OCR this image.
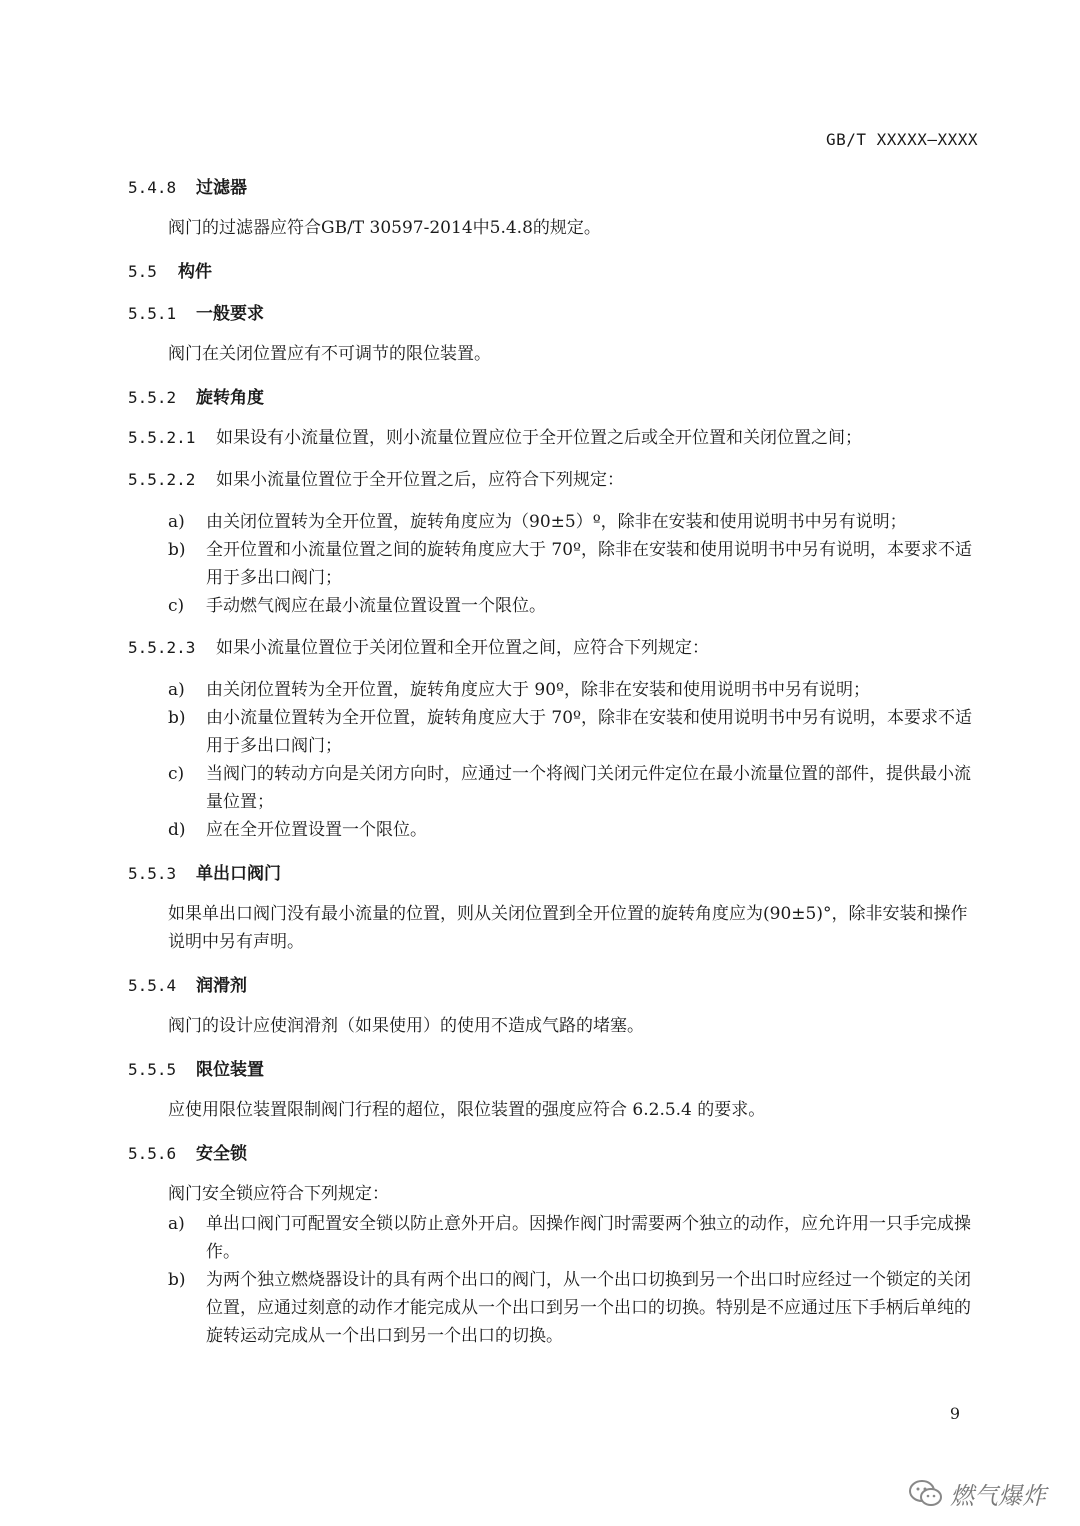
GB/T XXXXX—XXXX
5.4.8 过滤器

阀门的过滤器应符合GB/T 30597-2014中5.4.8的规定。

5.5 构件
5.5.1 一般要求

阀门在关闭位置应有不可调节的限位装置。

5.5.2 旋转角度

5.5.2.1 如果设有小流量位置，则小流量位置应位于全开位置之后或全开位置和关闭位置之间；

5.5.2.2 如果小流量位置位于全开位置之后，应符合下列规定：

a)	由关闭位置转为全开位置，旋转角度应为（90±5）º，除非在安装和使用说明书中另有说明；
b)	全开位置和小流量位置之间的旋转角度应大于 70º，除非在安装和使用说明书中另有说明，本要求不适用于多出口阀门；
c)	手动燃气阀应在最小流量位置设置一个限位。

5.5.2.3 如果小流量位置位于关闭位置和全开位置之间，应符合下列规定：

a)	由关闭位置转为全开位置，旋转角度应大于 90º，除非在安装和使用说明书中另有说明；
b)	由小流量位置转为全开位置，旋转角度应大于 70º，除非在安装和使用说明书中另有说明，本要求不适用于多出口阀门；
c)	当阀门的转动方向是关闭方向时，应通过一个将阀门关闭元件定位在最小流量位置的部件，提供最小流量位置；
d)	应在全开位置设置一个限位。
5.5.3 单出口阀门

如果单出口阀门没有最小流量的位置，则从关闭位置到全开位置的旋转角度应为(90±5)°，除非安装和操作说明中另有声明。

5.5.4 润滑剂

阀门的设计应使润滑剂（如果使用）的使用不造成气路的堵塞。

5.5.5 限位装置

应使用限位装置限制阀门行程的超位，限位装置的强度应符合 6.2.5.4 的要求。

5.5.6 安全锁

阀门安全锁应符合下列规定：

a)	单出口阀门可配置安全锁以防止意外开启。因操作阀门时需要两个独立的动作，应允许用一只手完成操作。
b)	为两个独立燃烧器设计的具有两个出口的阀门，从一个出口切换到另一个出口时应经过一个锁定的关闭位置，应通过刻意的动作才能完成从一个出口到另一个出口的切换。特别是不应通过压下手柄后单纯的旋转运动完成从一个出口到另一个出口的切换。
9
燃气爆炸
